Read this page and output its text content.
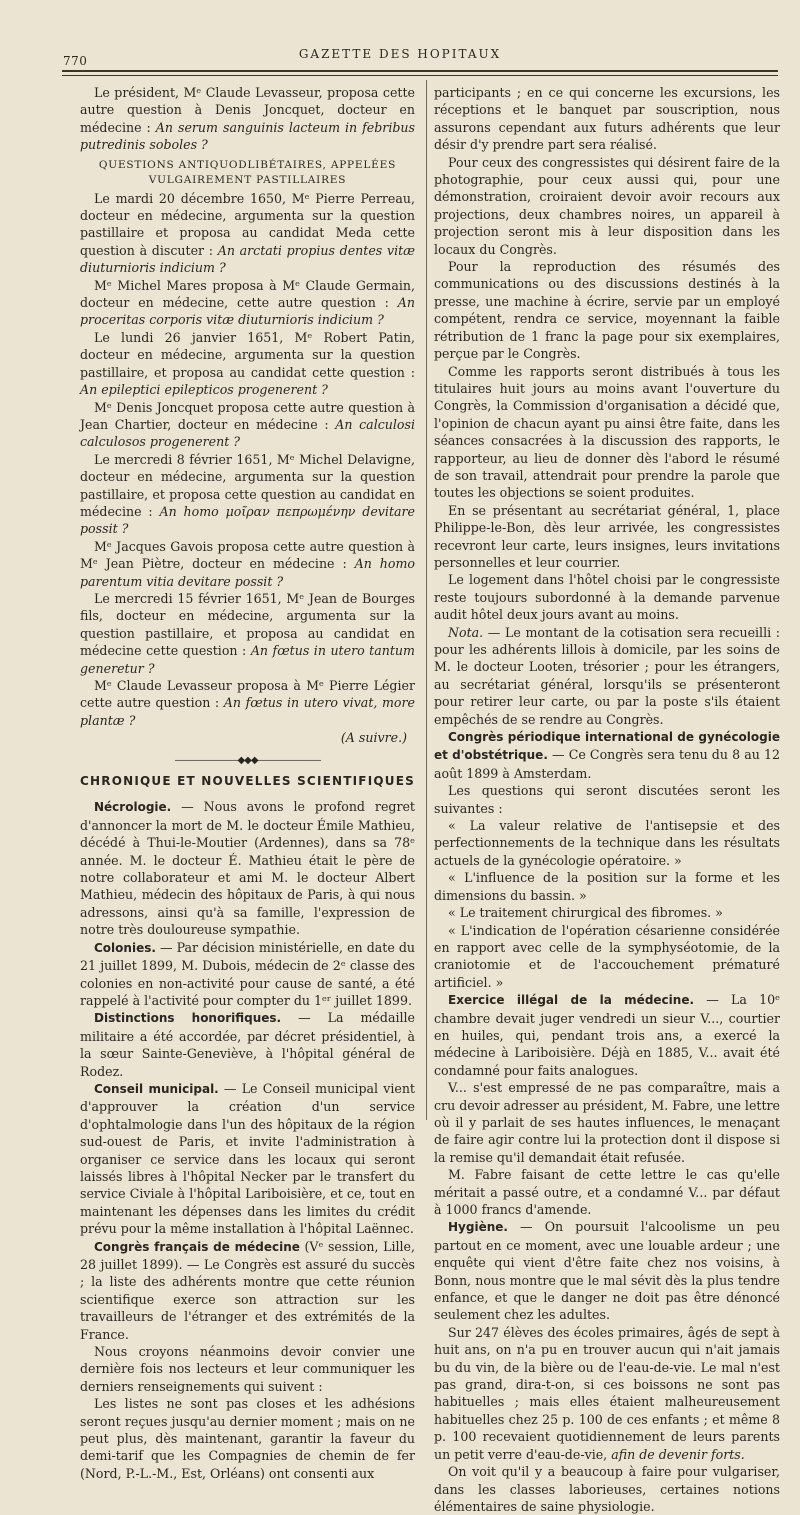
770	GAZETTE DES HOPITAUX

Le président, Mᵉ Claude Levasseur, proposa cette autre question à Denis Joncquet, docteur en médecine : An serum sanguinis lacteum in febribus putredinis soboles ?

QUESTIONS ANTIQUODLIBÉTAIRES, APPELÉES VULGAIREMENT PASTILLAIRES

Le mardi 20 décembre 1650, Mᵉ Pierre Perreau, docteur en médecine, argumenta sur la question pastillaire et proposa au candidat Meda cette question à discuter : An arctati propius dentes vitæ diuturnioris indicium ?

Mᵉ Michel Mares proposa à Mᵉ Claude Germain, docteur en médecine, cette autre question : An proceritas corporis vitæ diuturnioris indicium ?

Le lundi 26 janvier 1651, Mᵉ Robert Patin, docteur en médecine, argumenta sur la question pastillaire, et proposa au candidat cette question : An epileptici epilepticos progenerent ?

Mᵉ Denis Joncquet proposa cette autre question à Jean Chartier, docteur en médecine : An calculosi calculosos progenerent ?

Le mercredi 8 février 1651, Mᵉ Michel Delavigne, docteur en médecine, argumenta sur la question pastillaire, et proposa cette question au candidat en médecine : An homo μοῖραν πεπρωμένην devitare possit ?

Mᵉ Jacques Gavois proposa cette autre question à Mᵉ Jean Piètre, docteur en médecine : An homo parentum vitia devitare possit ?

Le mercredi 15 février 1651, Mᵉ Jean de Bourges fils, docteur en médecine, argumenta sur la question pastillaire, et proposa au candidat en médecine cette question : An fœtus in utero tantum generetur ?

Mᵉ Claude Levasseur proposa à Mᵉ Pierre Légier cette autre question : An fœtus in utero vivat, more plantæ ?

(A suivre.)

———————◆◆◆———————
CHRONIQUE ET NOUVELLES SCIENTIFIQUES

Nécrologie. — Nous avons le profond regret d'annoncer la mort de M. le docteur Émile Mathieu, décédé à Thui-le-Moutier (Ardennes), dans sa 78ᵉ année. M. le docteur É. Mathieu était le père de notre collaborateur et ami M. le docteur Albert Mathieu, médecin des hôpitaux de Paris, à qui nous adressons, ainsi qu'à sa famille, l'expression de notre très douloureuse sympathie.

Colonies. — Par décision ministérielle, en date du 21 juillet 1899, M. Dubois, médecin de 2ᵉ classe des colonies en non-activité pour cause de santé, a été rappelé à l'activité pour compter du 1ᵉʳ juillet 1899.

Distinctions honorifiques. — La médaille militaire a été accordée, par décret présidentiel, à la sœur Sainte-Geneviève, à l'hôpital général de Rodez.

Conseil municipal. — Le Conseil municipal vient d'approuver la création d'un service d'ophtalmologie dans l'un des hôpitaux de la région sud-ouest de Paris, et invite l'administration à organiser ce service dans les locaux qui seront laissés libres à l'hôpital Necker par le transfert du service Civiale à l'hôpital Lariboisière, et ce, tout en maintenant les dépenses dans les limites du crédit prévu pour la même installation à l'hôpital Laënnec.

Congrès français de médecine (Vᵉ session, Lille, 28 juillet 1899). — Le Congrès est assuré du succès ; la liste des adhérents montre que cette réunion scientifique exerce son attraction sur les travailleurs de l'étranger et des extrémités de la France.

Nous croyons néanmoins devoir convier une dernière fois nos lecteurs et leur communiquer les derniers renseignements qui suivent :

Les listes ne sont pas closes et les adhésions seront reçues jusqu'au dernier moment ; mais on ne peut plus, dès maintenant, garantir la faveur du demi-tarif que les Compagnies de chemin de fer (Nord, P.-L.-M., Est, Orléans) ont consenti aux

participants ; en ce qui concerne les excursions, les réceptions et le banquet par souscription, nous assurons cependant aux futurs adhérents que leur désir d'y prendre part sera réalisé.

Pour ceux des congressistes qui désirent faire de la photographie, pour ceux aussi qui, pour une démonstration, croiraient devoir avoir recours aux projections, deux chambres noires, un appareil à projection seront mis à leur disposition dans les locaux du Congrès.

Pour la reproduction des résumés des communications ou des discussions destinés à la presse, une machine à écrire, servie par un employé compétent, rendra ce service, moyennant la faible rétribution de 1 franc la page pour six exemplaires, perçue par le Congrès.

Comme les rapports seront distribués à tous les titulaires huit jours au moins avant l'ouverture du Congrès, la Commission d'organisation a décidé que, l'opinion de chacun ayant pu ainsi être faite, dans les séances consacrées à la discussion des rapports, le rapporteur, au lieu de donner dès l'abord le résumé de son travail, attendrait pour prendre la parole que toutes les objections se soient produites.

En se présentant au secrétariat général, 1, place Philippe-le-Bon, dès leur arrivée, les congressistes recevront leur carte, leurs insignes, leurs invitations personnelles et leur courrier.

Le logement dans l'hôtel choisi par le congressiste reste toujours subordonné à la demande parvenue audit hôtel deux jours avant au moins.

Nota. — Le montant de la cotisation sera recueilli : pour les adhérents lillois à domicile, par les soins de M. le docteur Looten, trésorier ; pour les étrangers, au secrétariat général, lorsqu'ils se présenteront pour retirer leur carte, ou par la poste s'ils étaient empêchés de se rendre au Congrès.

Congrès périodique international de gynécologie et d'obstétrique. — Ce Congrès sera tenu du 8 au 12 août 1899 à Amsterdam.

Les questions qui seront discutées seront les suivantes :

« La valeur relative de l'antisepsie et des perfectionnements de la technique dans les résultats actuels de la gynécologie opératoire. »

« L'influence de la position sur la forme et les dimensions du bassin. »

« Le traitement chirurgical des fibromes. »

« L'indication de l'opération césarienne considérée en rapport avec celle de la symphyséotomie, de la craniotomie et de l'accouchement prématuré artificiel. »

Exercice illégal de la médecine. — La 10ᵉ chambre devait juger vendredi un sieur V..., courtier en huiles, qui, pendant trois ans, a exercé la médecine à Lariboisière. Déjà en 1885, V... avait été condamné pour faits analogues.

V... s'est empressé de ne pas comparaître, mais a cru devoir adresser au président, M. Fabre, une lettre où il y parlait de ses hautes influences, le menaçant de faire agir contre lui la protection dont il dispose si la remise qu'il demandait était refusée.

M. Fabre faisant de cette lettre le cas qu'elle méritait a passé outre, et a condamné V... par défaut à 1000 francs d'amende.

Hygiène. — On poursuit l'alcoolisme un peu partout en ce moment, avec une louable ardeur ; une enquête qui vient d'être faite chez nos voisins, à Bonn, nous montre que le mal sévit dès la plus tendre enfance, et que le danger ne doit pas être dénoncé seulement chez les adultes.

Sur 247 élèves des écoles primaires, âgés de sept à huit ans, on n'a pu en trouver aucun qui n'ait jamais bu du vin, de la bière ou de l'eau-de-vie. Le mal n'est pas grand, dira-t-on, si ces boissons ne sont pas habituelles ; mais elles étaient malheureusement habituelles chez 25 p. 100 de ces enfants ; et même 8 p. 100 recevaient quotidiennement de leurs parents un petit verre d'eau-de-vie, afin de devenir forts.

On voit qu'il y a beaucoup à faire pour vulgariser, dans les classes laborieuses, certaines notions élémentaires de saine physiologie.
